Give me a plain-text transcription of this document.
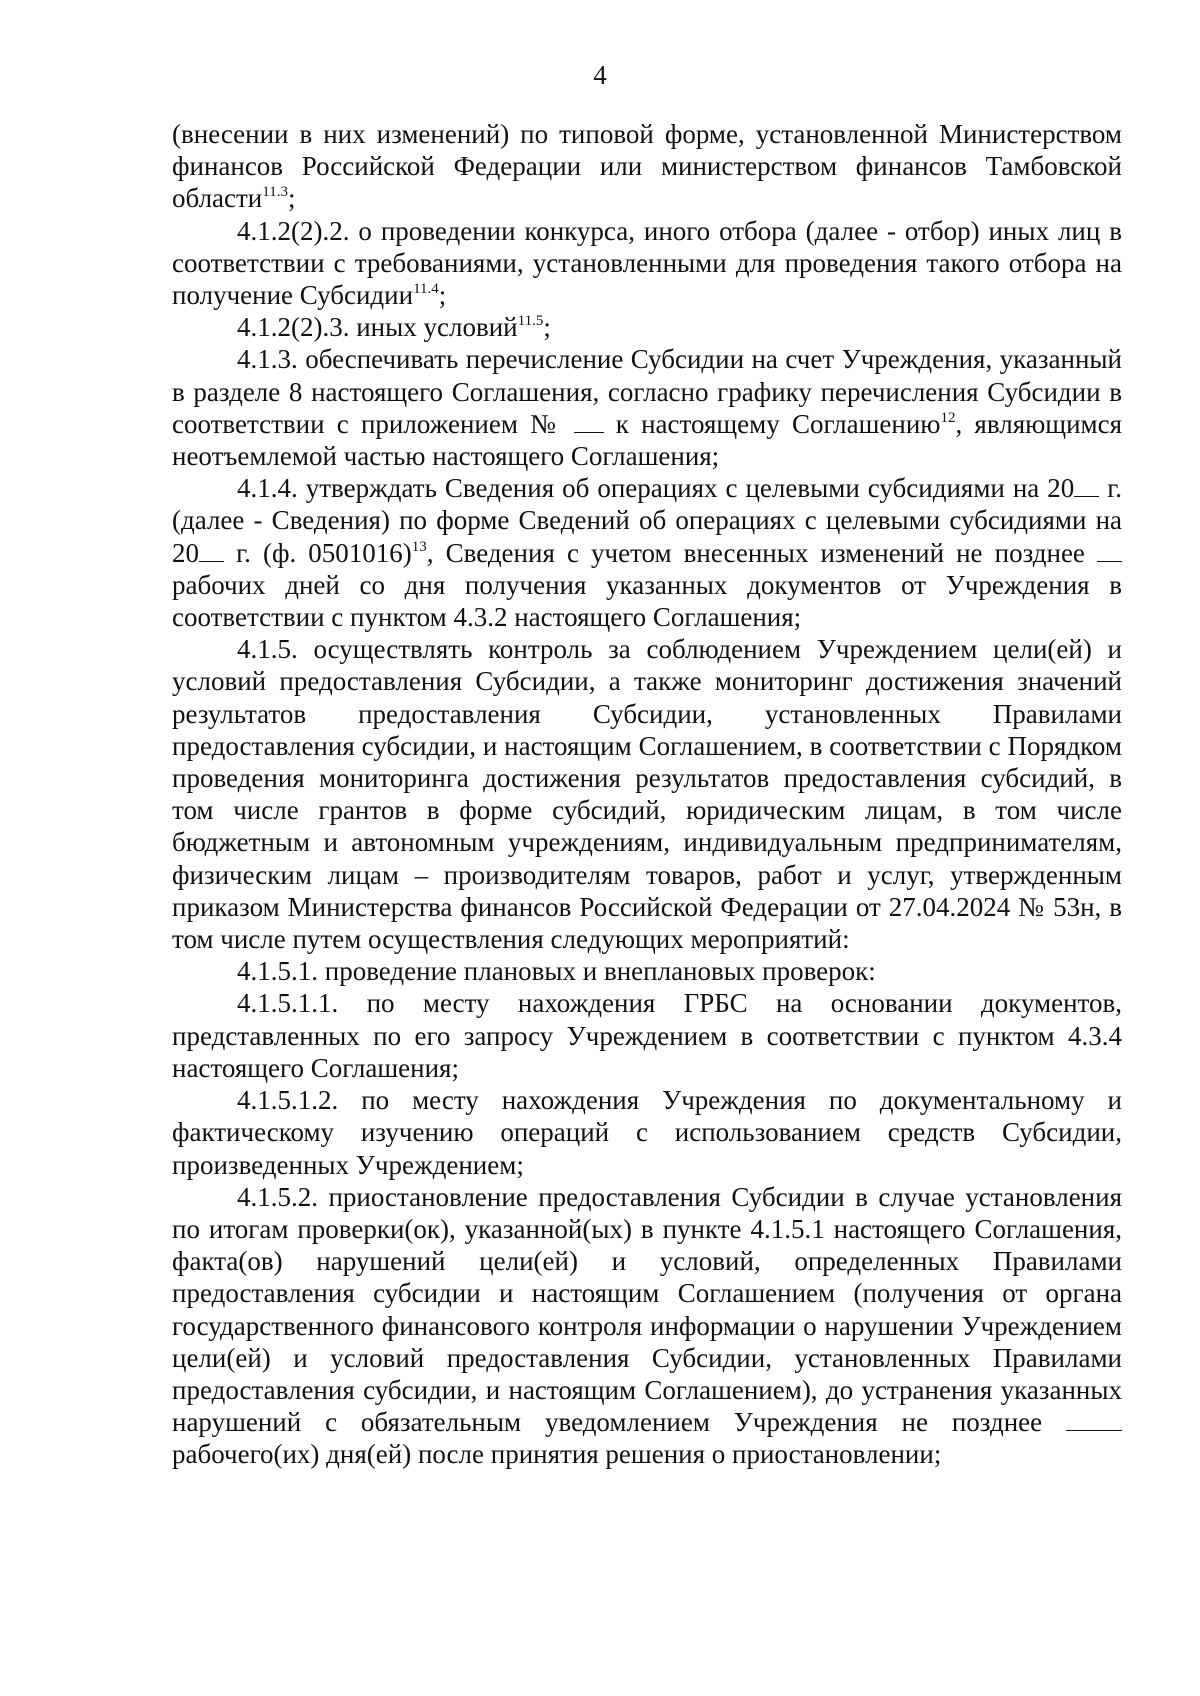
4

(внесении в них изменений) по типовой форме, установленной Министерством финансов Российской Федерации или министерством финансов Тамбовской области$^{11.3}$;

4.1.2(2).2. о проведении конкурса, иного отбора (далее - отбор) иных лиц в соответствии с требованиями, установленными для проведения такого отбора на получение Субсидии$^{11.4}$;

4.1.2(2).3. иных условий$^{11.5}$;

4.1.3. обеспечивать перечисление Субсидии на счет Учреждения, указанный в разделе 8 настоящего Соглашения, согласно графику перечисления Субсидии в соответствии с приложением № к настоящему Соглашению$^{12}$, являющимся неотъемлемой частью настоящего Соглашения;

4.1.4. утверждать Сведения об операциях с целевыми субсидиями на 20 г. (далее - Сведения) по форме Сведений об операциях с целевыми субсидиями на 20 г. (ф. 0501016)$^{13}$, Сведения с учетом внесенных изменений не позднее  рабочих дней со дня получения указанных документов от Учреждения в соответствии с пунктом 4.3.2 настоящего Соглашения;

4.1.5. осуществлять контроль за соблюдением Учреждением цели(ей) и условий предоставления Субсидии, а также мониторинг достижения значений результатов предоставления Субсидии, установленных Правилами предоставления субсидии, и настоящим Соглашением, в соответствии с Порядком проведения мониторинга достижения результатов предоставления субсидий, в том числе грантов в форме субсидий, юридическим лицам, в том числе бюджетным и автономным учреждениям, индивидуальным предпринимателям, физическим лицам – производителям товаров, работ и услуг, утвержденным приказом Министерства финансов Российской Федерации от 27.04.2024 № 53н, в том числе путем осуществления следующих мероприятий:

4.1.5.1. проведение плановых и внеплановых проверок:

4.1.5.1.1. по месту нахождения ГРБС на основании документов, представленных по его запросу Учреждением в соответствии с пунктом 4.3.4 настоящего Соглашения;

4.1.5.1.2. по месту нахождения Учреждения по документальному и фактическому изучению операций с использованием средств Субсидии, произведенных Учреждением;

4.1.5.2. приостановление предоставления Субсидии в случае установления по итогам проверки(ок), указанной(ых) в пункте 4.1.5.1 настоящего Соглашения, факта(ов) нарушений цели(ей) и условий, определенных Правилами предоставления субсидии и настоящим Соглашением (получения от органа государственного финансового контроля информации о нарушении Учреждением цели(ей) и условий предоставления Субсидии, установленных Правилами предоставления субсидии, и настоящим Соглашением), до устранения указанных нарушений с обязательным уведомлением Учреждения не позднее  рабочего(их) дня(ей) после принятия решения о приостановлении;
